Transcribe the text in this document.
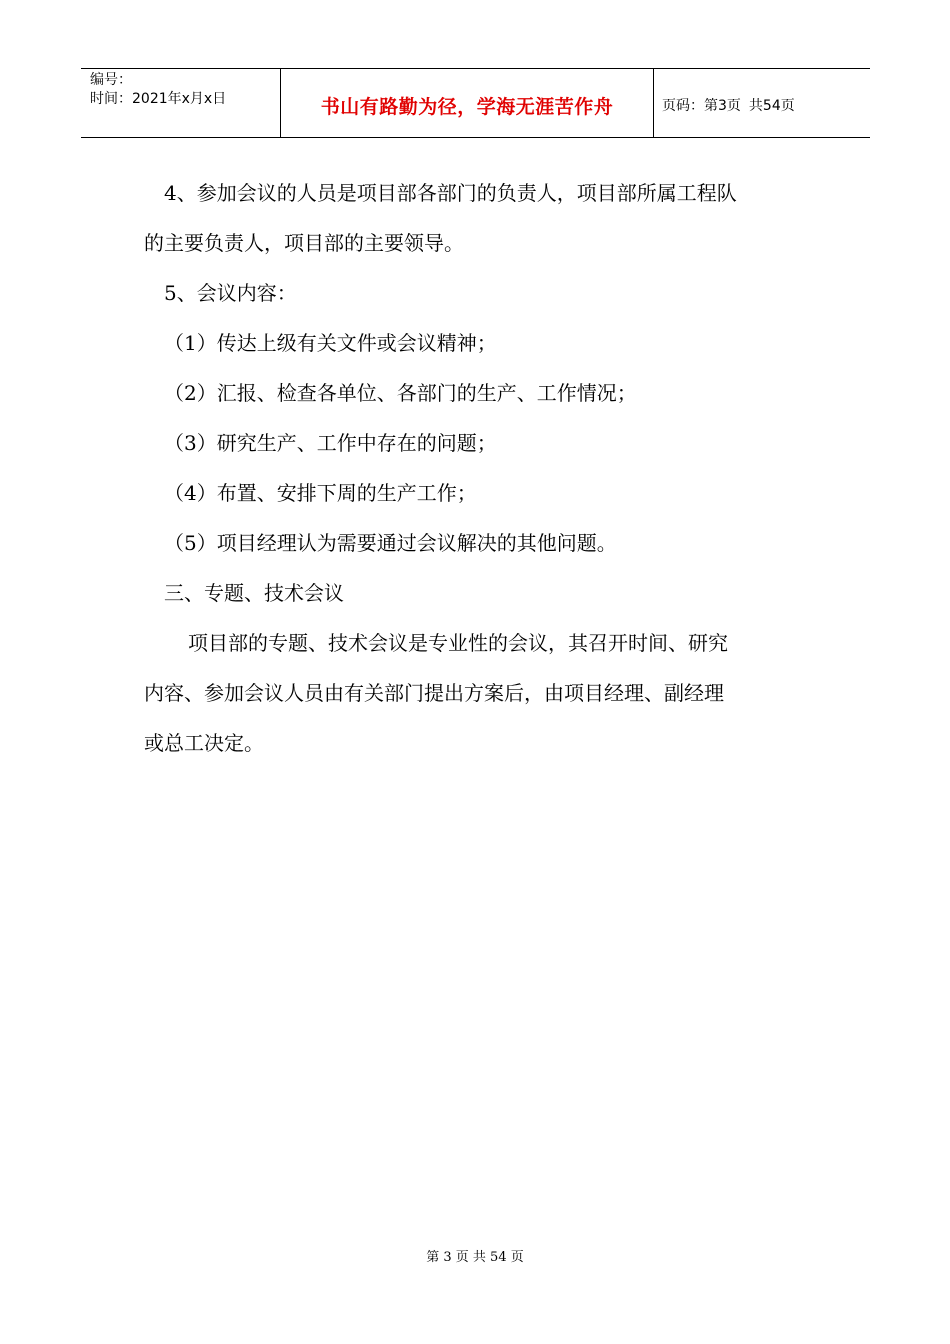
编号：
时间：2021年x月x日	书山有路勤为径，学海无涯苦作舟	页码：第3页 共54页

4、参加会议的人员是项目部各部门的负责人，项目部所属工程队

的主要负责人，项目部的主要领导。

5、会议内容：

（1）传达上级有关文件或会议精神；

（2）汇报、检查各单位、各部门的生产、工作情况；

（3）研究生产、工作中存在的问题；

（4）布置、安排下周的生产工作；

（5）项目经理认为需要通过会议解决的其他问题。

三、专题、技术会议

项目部的专题、技术会议是专业性的会议，其召开时间、研究

内容、参加会议人员由有关部门提出方案后，由项目经理、副经理

或总工决定。

第 3 页 共 54 页
